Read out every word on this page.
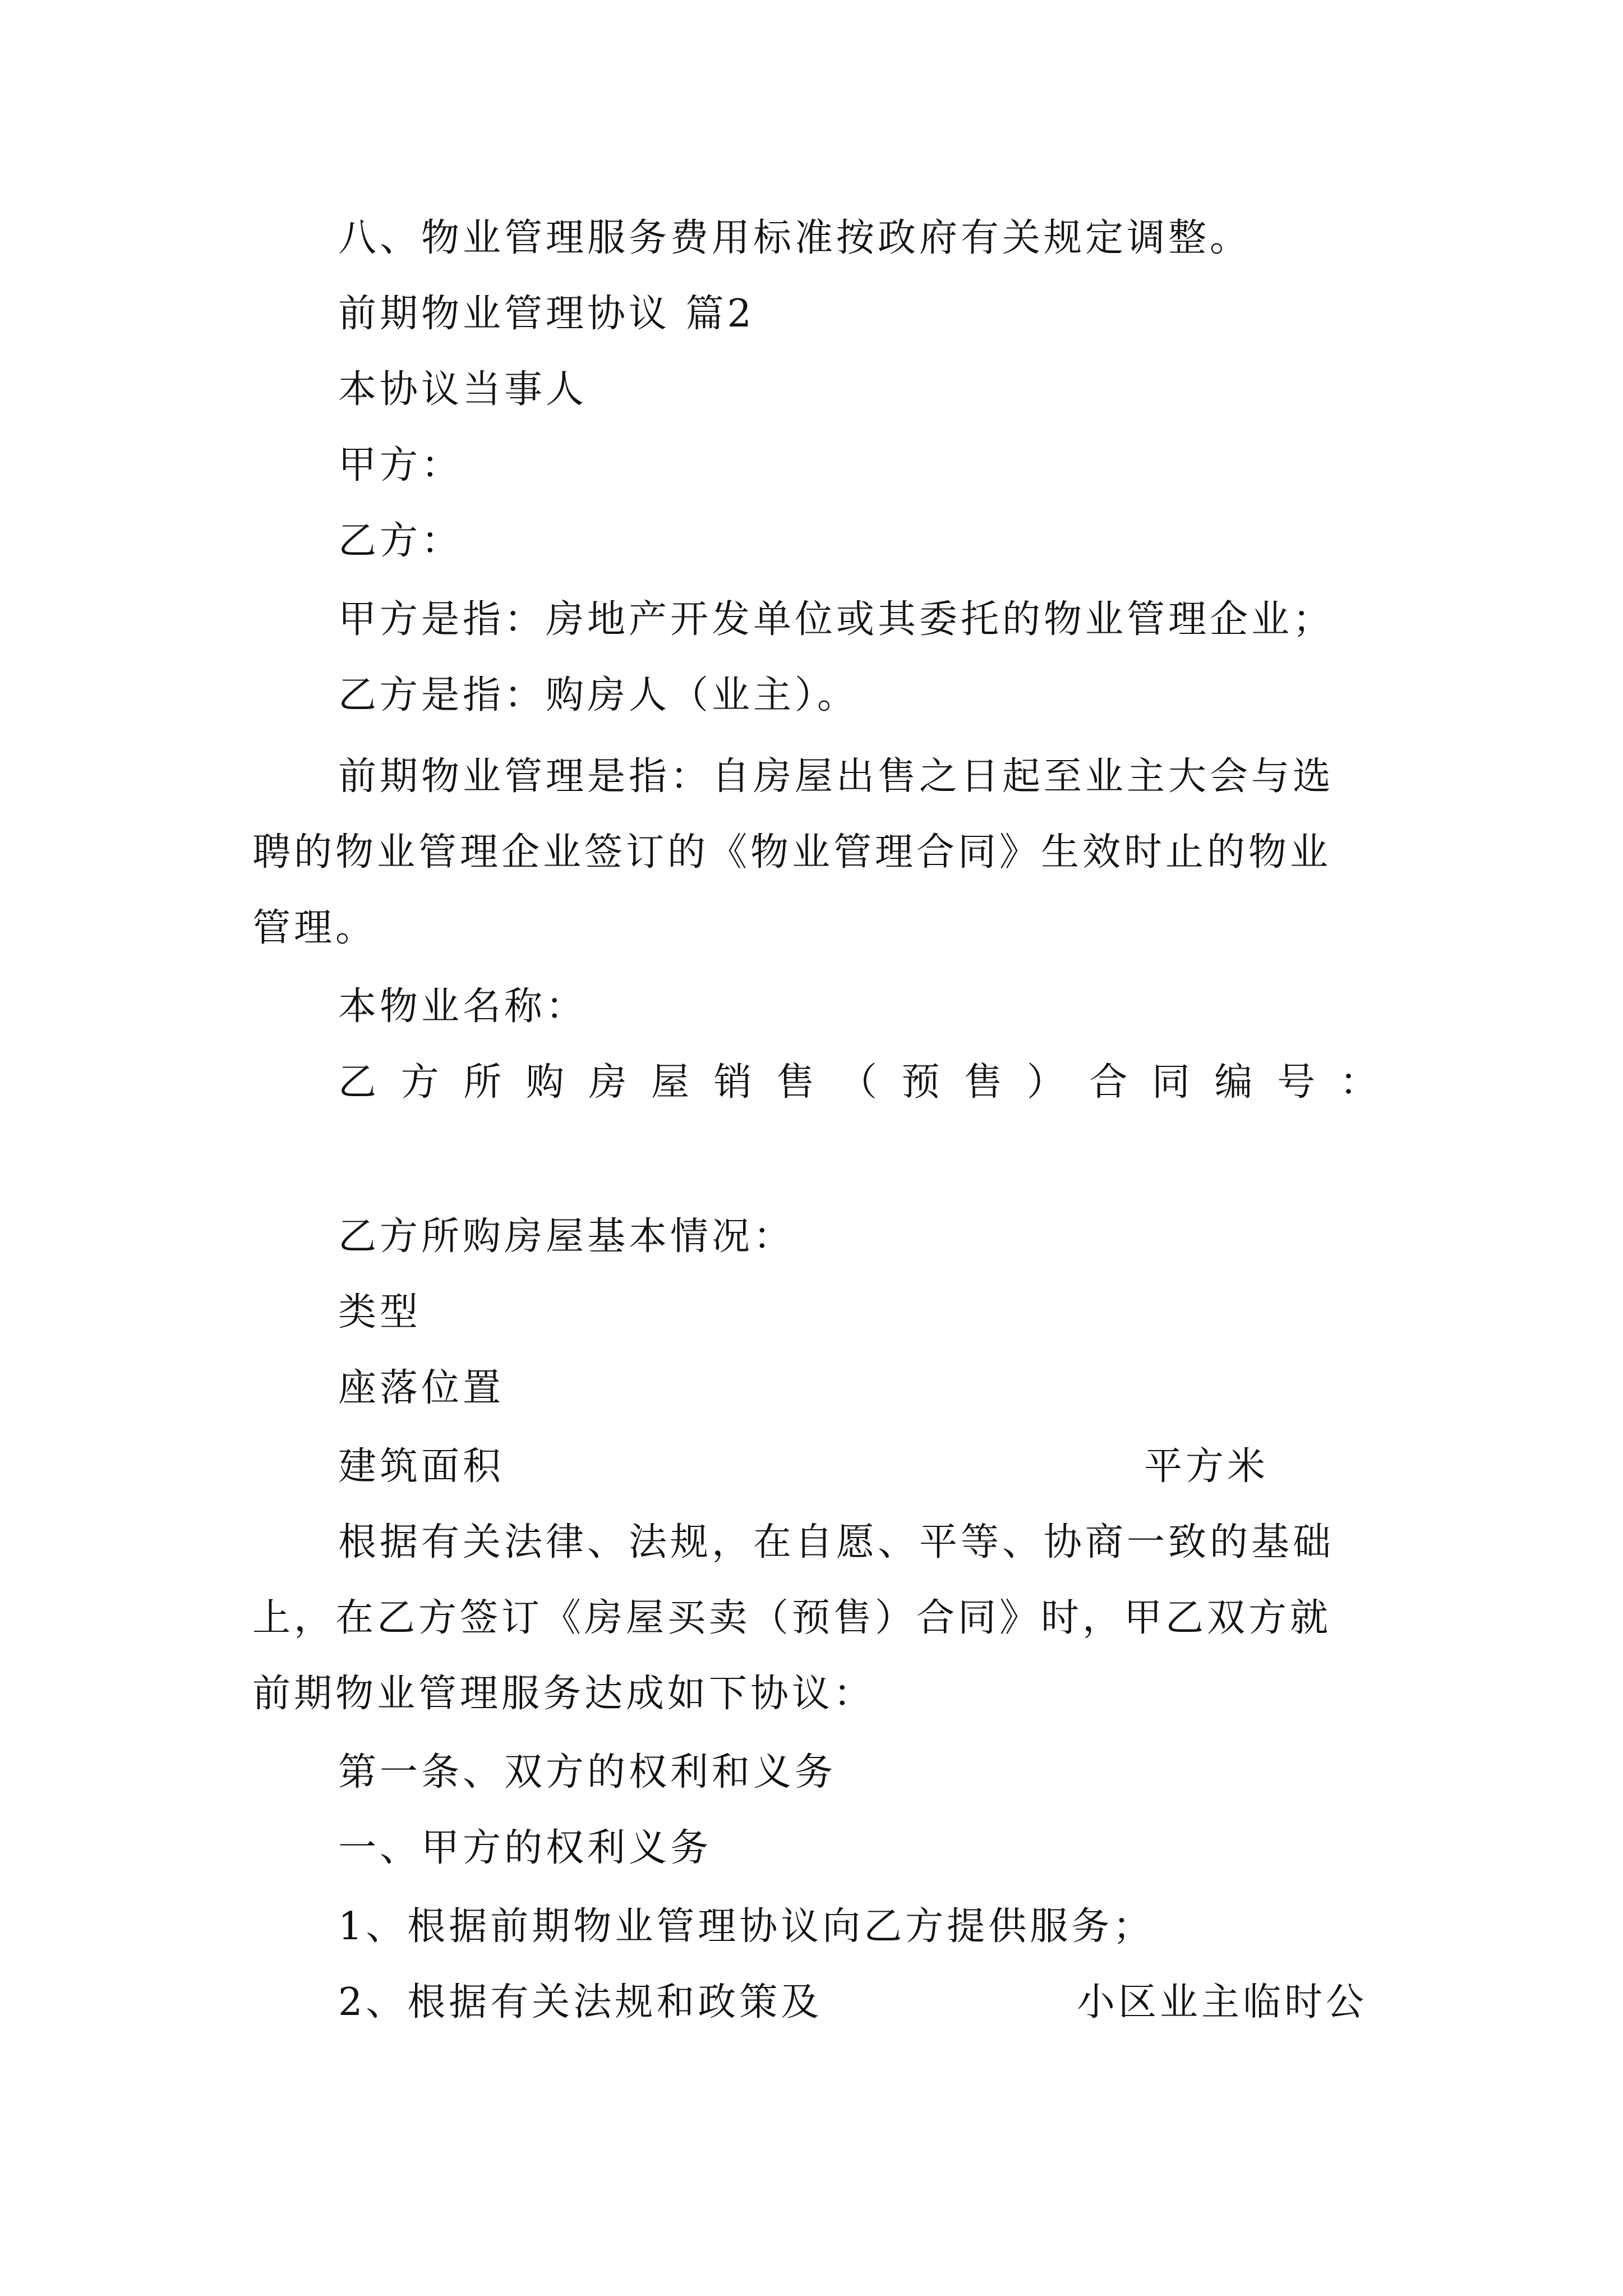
八、物业管理服务费用标准按政府有关规定调整。
前期物业管理协议 篇2
本协议当事人
甲方：
乙方：
甲方是指：房地产开发单位或其委托的物业管理企业；
乙方是指：购房人（业主）。
前期物业管理是指：自房屋出售之日起至业主大会与选
聘的物业管理企业签订的《物业管理合同》生效时止的物业
管理。
本物业名称：
乙 方 所 购 房 屋 销 售 （ 预 售 ） 合 同 编 号 ：
乙方所购房屋基本情况：
类型
座落位置
建筑面积	平方米
根据有关法律、法规，在自愿、平等、协商一致的基础
上，在乙方签订《房屋买卖（预售）合同》时，甲乙双方就
前期物业管理服务达成如下协议：
第一条、双方的权利和义务
一、甲方的权利义务
1、根据前期物业管理协议向乙方提供服务；
2、根据有关法规和政策及	小区业主临时公
